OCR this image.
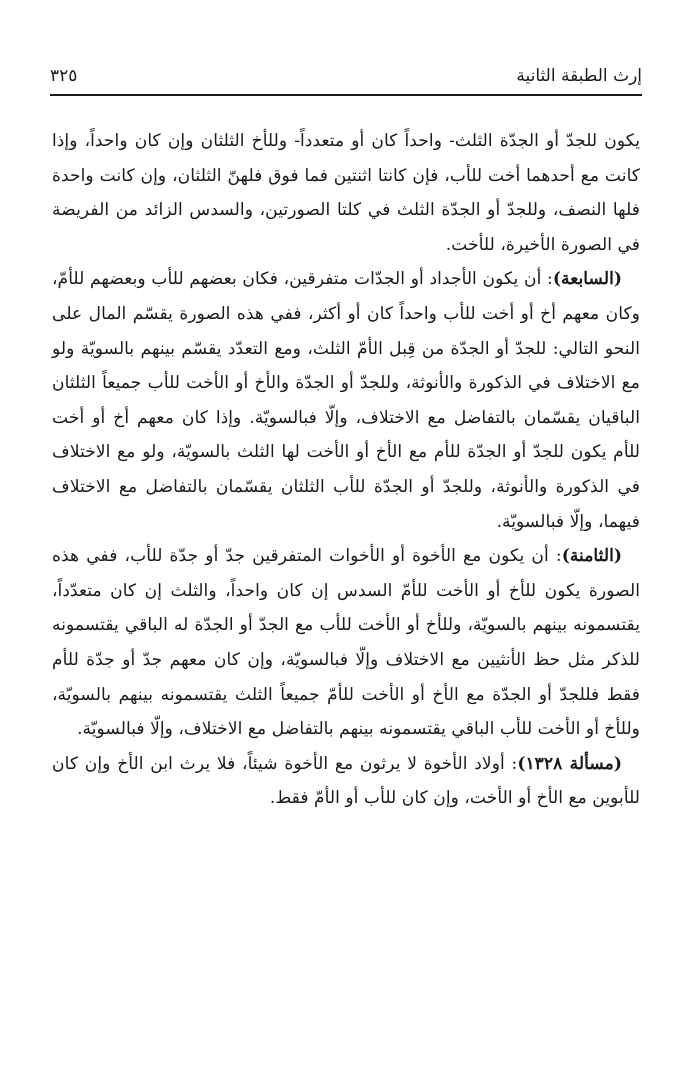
إرث الطبقة الثانية
٣٢٥

يكون للجدّ أو الجدّة الثلث- واحداً كان أو متعدداً- وللأخ الثلثان وإن كان واحداً، وإذا كانت مع أحدهما أخت للأب، فإن كانتا اثنتين فما فوق فلهنّ الثلثان، وإن كانت واحدة فلها النصف، وللجدّ أو الجدّة الثلث في كلتا الصورتين، والسدس الزائد من الفريضة في الصورة الأخيرة، للأخت.

(السابعة): أن يكون الأجداد أو الجدّات متفرقين، فكان بعضهم للأب وبعضهم للأمّ، وكان معهم أخ أو أخت للأب واحداً كان أو أكثر، ففي هذه الصورة يقسّم المال على النحو التالي: للجدّ أو الجدّة من قِبل الأمّ الثلث، ومع التعدّد يقسّم بينهم بالسويّة ولو مع الاختلاف في الذكورة والأنوثة، وللجدّ أو الجدّة والأخ أو الأخت للأب جميعاً الثلثان الباقيان يقسّمان بالتفاضل مع الاختلاف، وإلّا فبالسويّة. وإذا كان معهم أخ أو أخت للأم يكون للجدّ أو الجدّة للأم مع الأخ أو الأخت لها الثلث بالسويّة، ولو مع الاختلاف في الذكورة والأنوثة، وللجدّ أو الجدّة للأب الثلثان يقسّمان بالتفاضل مع الاختلاف فيهما، وإلّا فبالسويّة.

(الثامنة): أن يكون مع الأخوة أو الأخوات المتفرقين جدّ أو جدّة للأب، ففي هذه الصورة يكون للأخ أو الأخت للأمّ السدس إن كان واحداً، والثلث إن كان متعدّداً، يقتسمونه بينهم بالسويّة، وللأخ أو الأخت للأب مع الجدّ أو الجدّة له الباقي يقتسمونه للذكر مثل حظ الأنثيين مع الاختلاف وإلّا فبالسويّة، وإن كان معهم جدّ أو جدّة للأم فقط فللجدّ أو الجدّة مع الأخ أو الأخت للأمّ جميعاً الثلث يقتسمونه بينهم بالسويّة، وللأخ أو الأخت للأب الباقي يقتسمونه بينهم بالتفاضل مع الاختلاف، وإلّا فبالسويّة.

(مسألة ١٣٢٨): أولاد الأخوة لا يرثون مع الأخوة شيئاً، فلا يرث ابن الأخ وإن كان للأبوين مع الأخ أو الأخت، وإن كان للأب أو الأمّ فقط.
